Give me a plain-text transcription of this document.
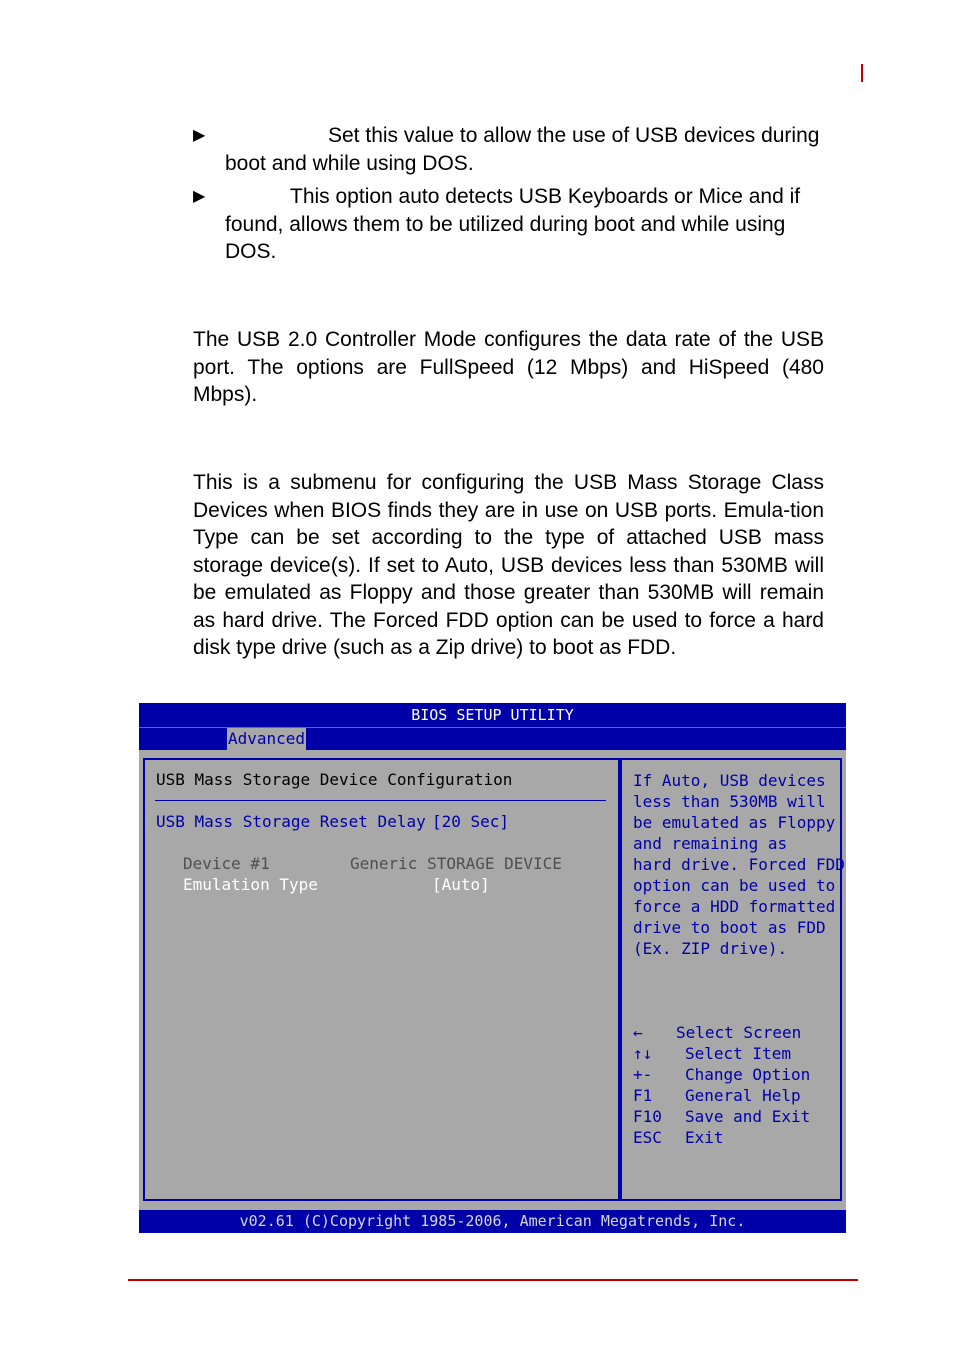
▶	Set this value to allow the use of USB devices during boot and while using DOS.
▶	This option auto detects USB Keyboards or Mice and if found, allows them to be utilized during boot and while using DOS.
The USB 2.0 Controller Mode configures the data rate of the USB port. The options are FullSpeed (12 Mbps) and HiSpeed (480 Mbps).
This is a submenu for configuring the USB Mass Storage Class Devices when BIOS finds they are in use on USB ports. Emula-tion Type can be set according to the type of attached USB mass storage device(s). If set to Auto, USB devices less than 530MB will be emulated as Floppy and those greater than 530MB will remain as hard drive. The Forced FDD option can be used to force a hard disk type drive (such as a Zip drive) to boot as FDD.
BIOS SETUP UTILITY
Advanced
USB Mass Storage Device Configuration
USB Mass Storage Reset Delay [20 Sec]
Device #1	Generic STORAGE DEVICE
Emulation Type	[Auto]
If Auto, USB devices
less than 530MB will
be emulated as Floppy
and remaining as
hard drive. Forced FDD
option can be used to
force a HDD formatted
drive to boot as FDD
(Ex. ZIP drive).
← Select Screen
↑↓ Select Item
+- Change Option
F1 General Help
F10 Save and Exit
ESC Exit
v02.61 (C)Copyright 1985-2006, American Megatrends, Inc.
